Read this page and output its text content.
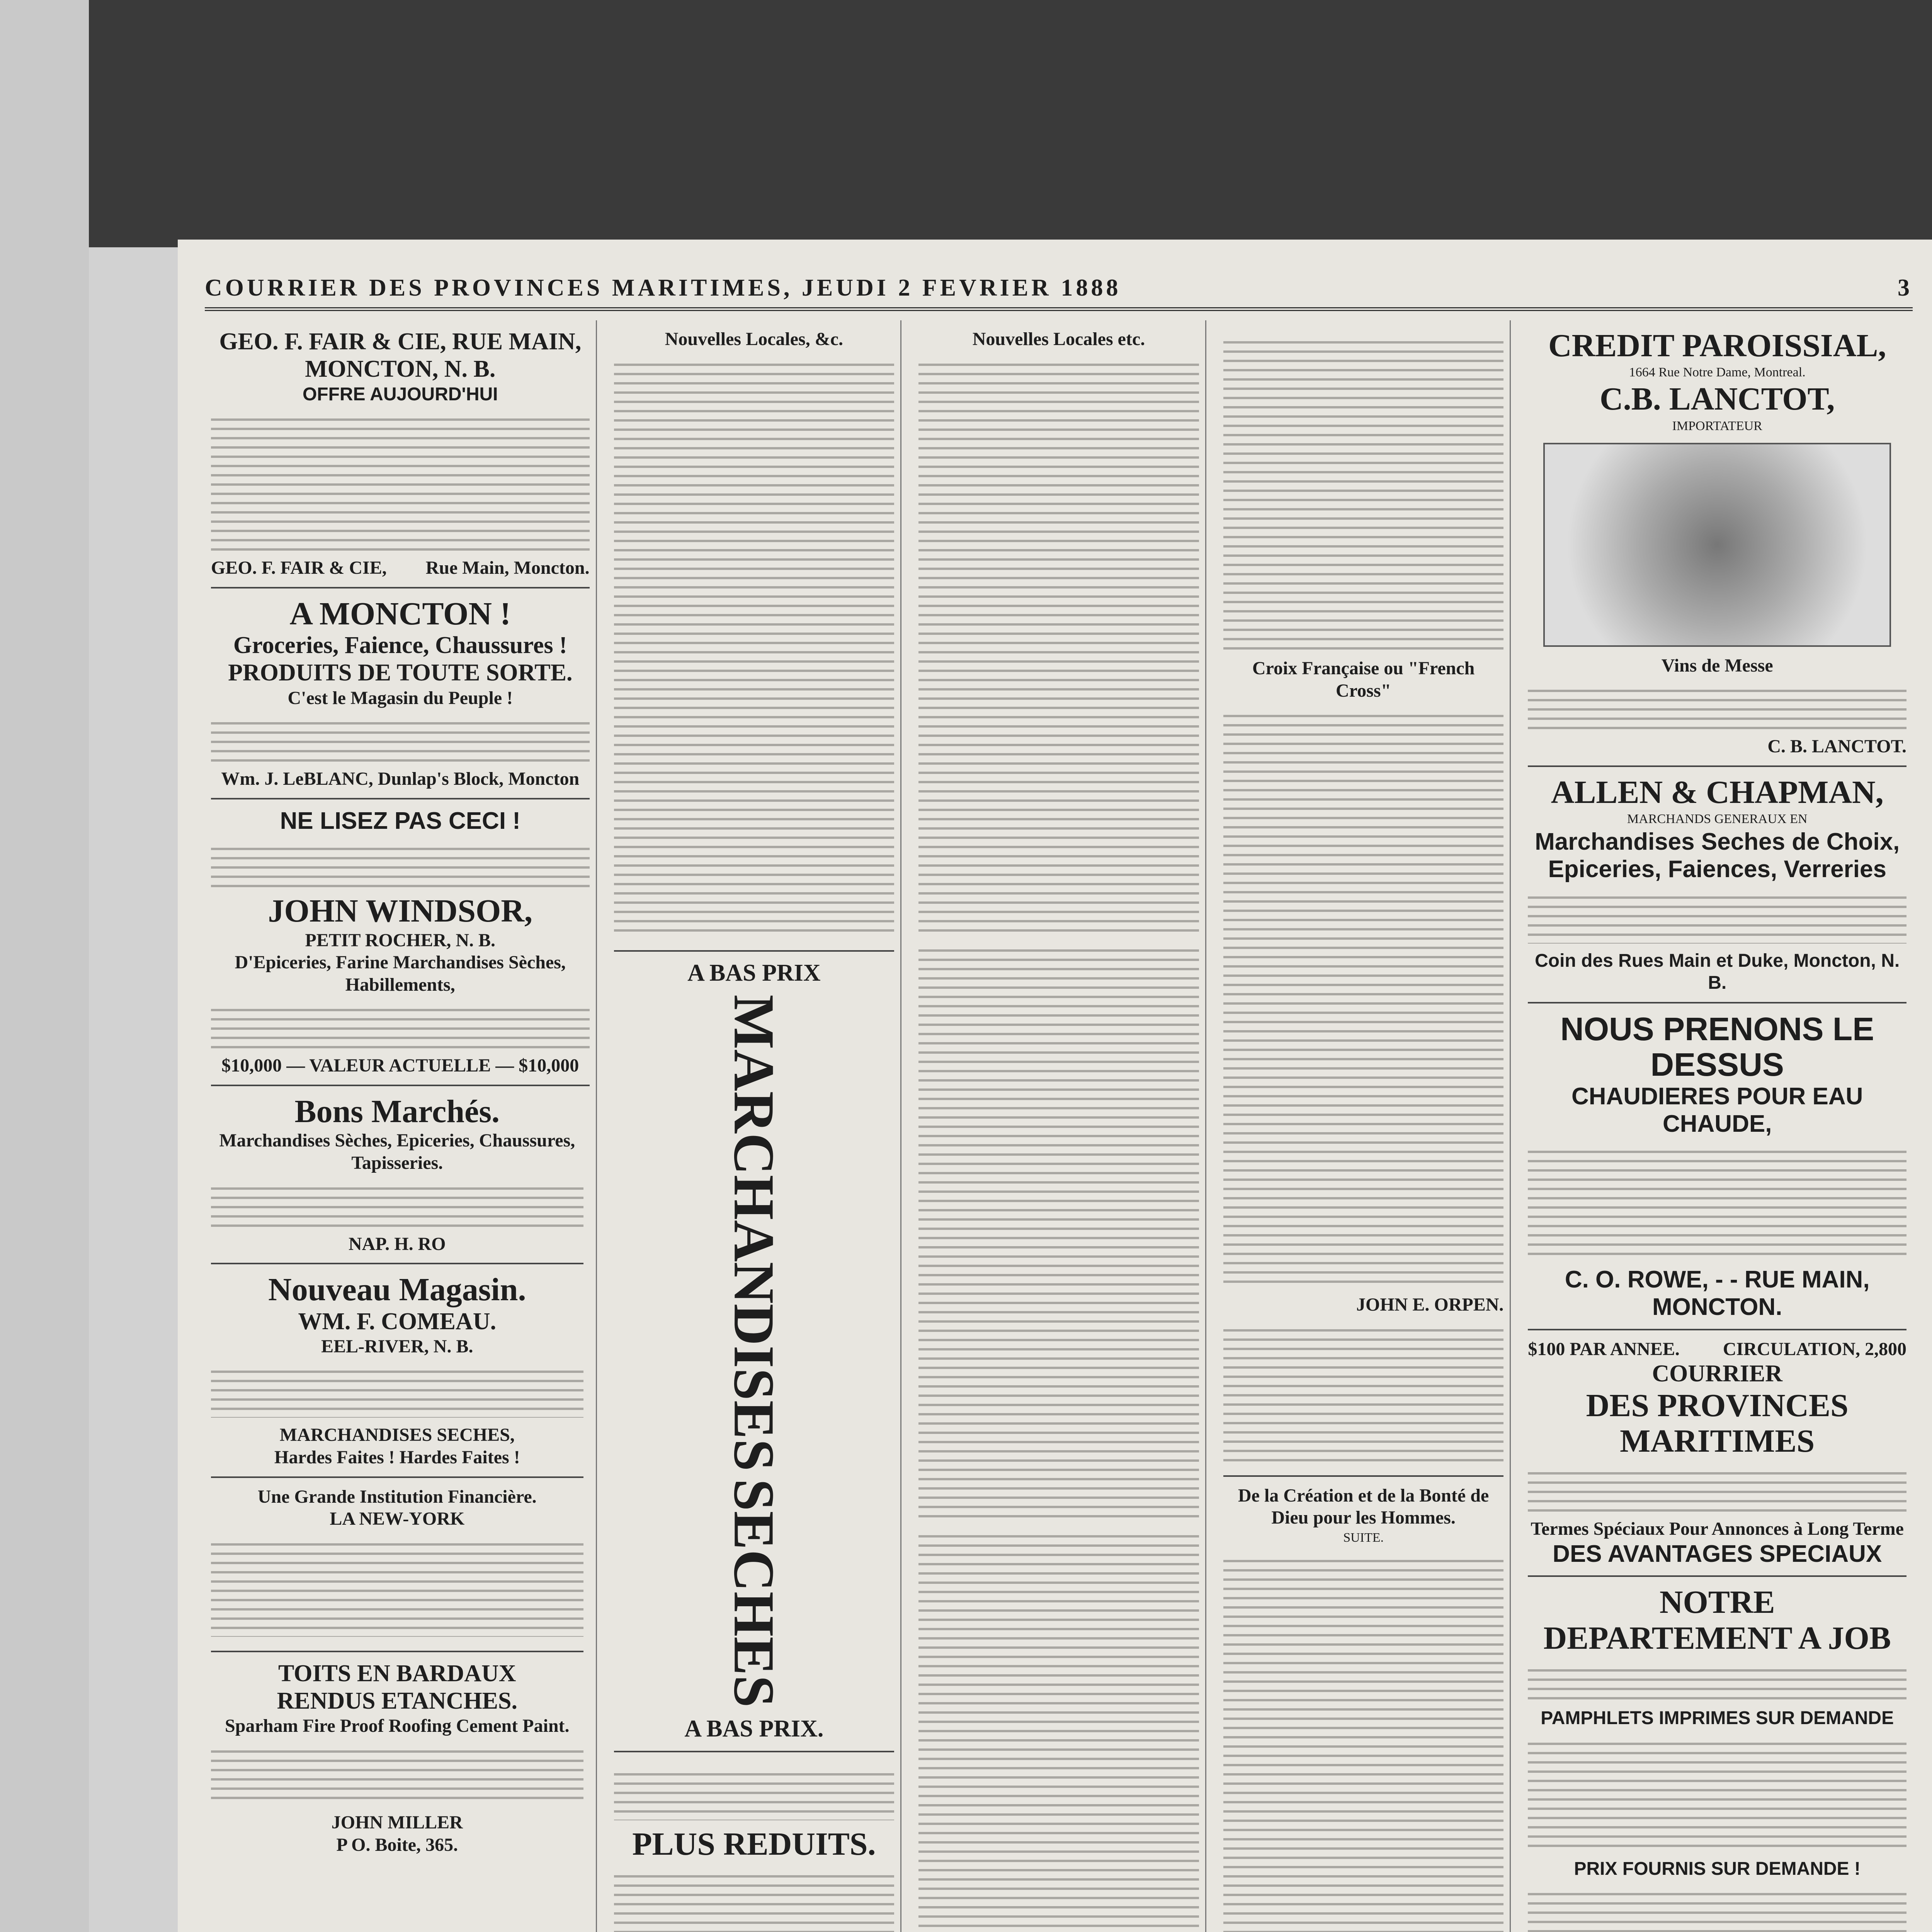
COURRIER DES PROVINCES MARITIMES, JEUDI 2 FEVRIER 1888	3
GEO. F. FAIR & CIE, RUE MAIN, MONCTON, N. B.
OFFRE AUJOURD'HUI
GEO. F. FAIR & CIE, Rue Main, Moncton.
A MONCTON !
Groceries, Faience, Chaussures !
PRODUITS DE TOUTE SORTE.
C'est le Magasin du Peuple !
Wm. J. LeBLANC, Dunlap's Block, Moncton
NE LISEZ PAS CECI !
JOHN WINDSOR,
PETIT ROCHER, N. B.
D'Epiceries, Farine Marchandises Sèches, Habillements,
$10,000 — VALEUR ACTUELLE — $10,000
Bons Marchés.
Marchandises Sèches, Epiceries, Chaussures, Tapisseries.
NAP. H. RO
Nouveau Magasin.
WM. F. COMEAU.
EEL-RIVER, N. B.
MARCHANDISES SECHES,
Hardes Faites ! Hardes Faites !
Une Grande Institution Financière.
LA NEW-YORK
TOITS EN BARDAUX
RENDUS ETANCHES.
Sparham Fire Proof Roofing Cement Paint.
JOHN MILLER
P O. Boite, 365.
Nouvelles Locales, &c.
A BAS PRIX
MARCHANDISES
SECHES
A BAS PRIX.
PLUS REDUITS.
Nouvelles Locales etc.
Croix Française ou "French Cross"
JOHN E. ORPEN.
De la Création et de la Bonté de Dieu pour les Hommes.
SUITE.
CREDIT PAROISSIAL,
1664 Rue Notre Dame, Montreal.
C.B. LANCTOT,
IMPORTATEUR
Vins de Messe
C. B. LANCTOT.
ALLEN & CHAPMAN,
MARCHANDS GENERAUX EN
Marchandises Seches de Choix, Epiceries, Faiences, Verreries
Coin des Rues Main et Duke, Moncton, N. B.
NOUS PRENONS LE DESSUS
CHAUDIERES POUR EAU CHAUDE,
C. O. ROWE, - - RUE MAIN, MONCTON.
$100 PAR ANNEE. CIRCULATION, 2,800
COURRIER
DES PROVINCES MARITIMES
Termes Spéciaux Pour Annonces à Long Terme
DES AVANTAGES SPECIAUX
NOTRE
DEPARTEMENT A JOB
PAMPHLETS IMPRIMES SUR DEMANDE
PRIX FOURNIS SUR DEMANDE !
